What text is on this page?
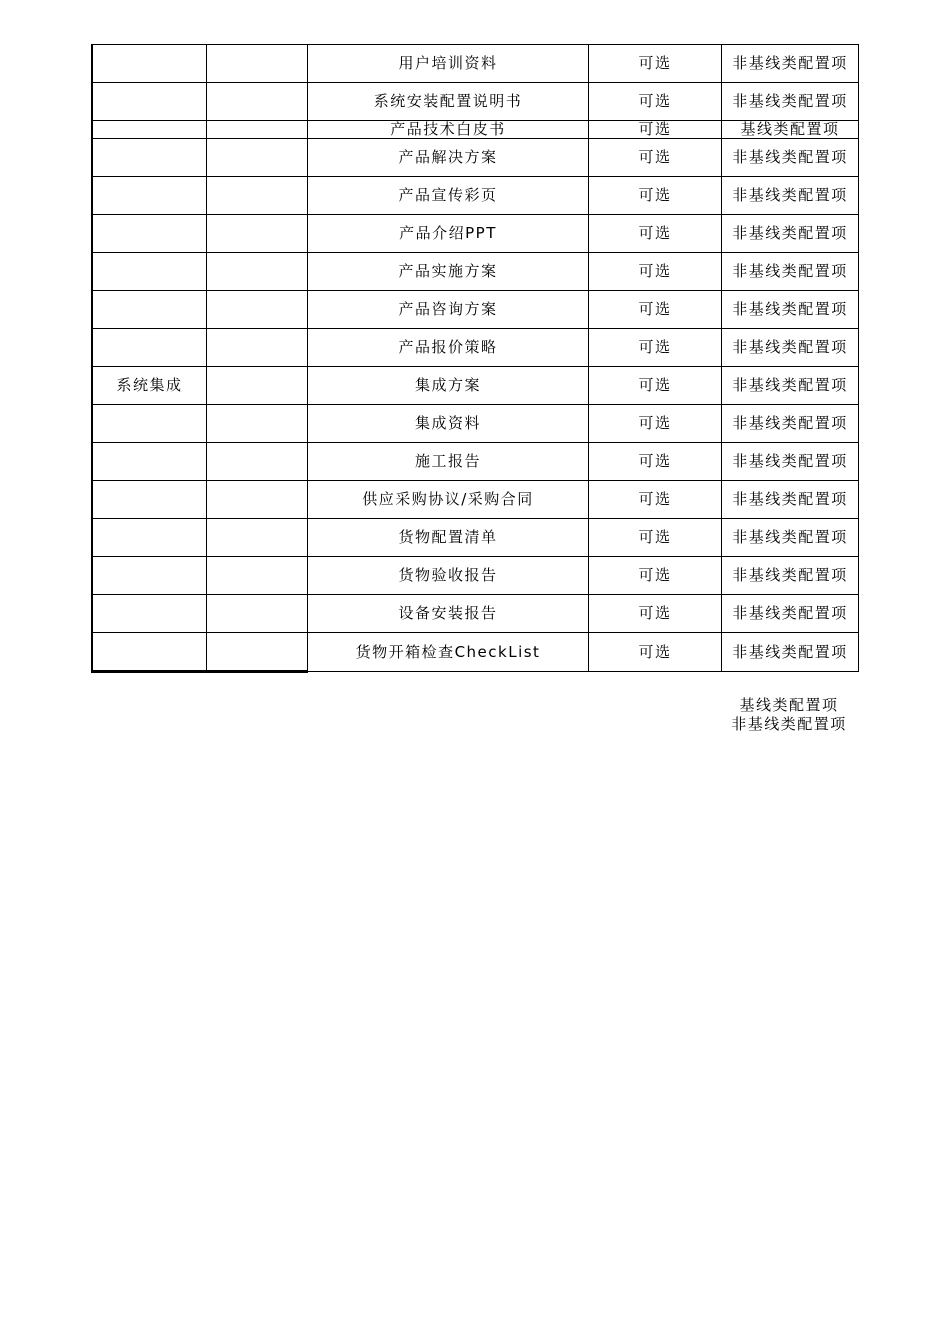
		用户培训资料	可选	非基线类配置项
		系统安装配置说明书	可选	非基线类配置项
		产品技术白皮书	可选	基线类配置项
		产品解决方案	可选	非基线类配置项
		产品宣传彩页	可选	非基线类配置项
		产品介绍PPT	可选	非基线类配置项
		产品实施方案	可选	非基线类配置项
		产品咨询方案	可选	非基线类配置项
		产品报价策略	可选	非基线类配置项
系统集成		集成方案	可选	非基线类配置项
		集成资料	可选	非基线类配置项
		施工报告	可选	非基线类配置项
		供应采购协议/采购合同	可选	非基线类配置项
		货物配置清单	可选	非基线类配置项
		货物验收报告	可选	非基线类配置项
		设备安装报告	可选	非基线类配置项
		货物开箱检查CheckList	可选	非基线类配置项
基线类配置项
非基线类配置项
